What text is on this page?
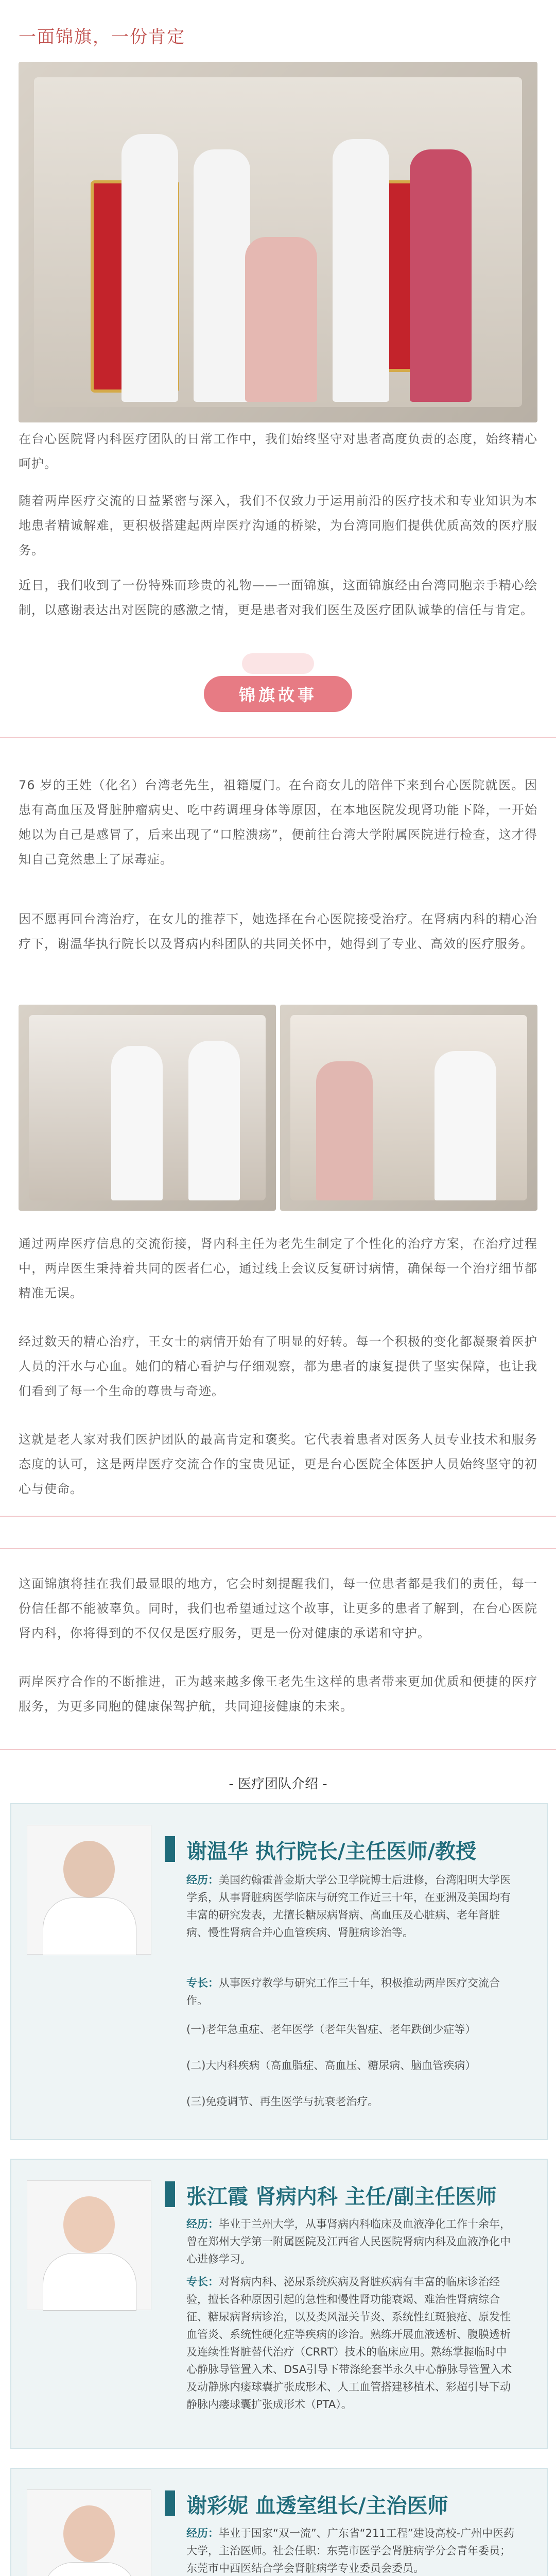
一面锦旗，一份肯定
在台心医院肾内科医疗团队的日常工作中，我们始终坚守对患者高度负责的态度，始终精心呵护。
随着两岸医疗交流的日益紧密与深入，我们不仅致力于运用前沿的医疗技术和专业知识为本地患者精诚解难，更积极搭建起两岸医疗沟通的桥梁，为台湾同胞们提供优质高效的医疗服务。
近日，我们收到了一份特殊而珍贵的礼物——一面锦旗，这面锦旗经由台湾同胞亲手精心绘制，以感谢表达出对医院的感激之情，更是患者对我们医生及医疗团队诚挚的信任与肯定。
锦旗故事
76 岁的王姓（化名）台湾老先生，祖籍厦门。在台商女儿的陪伴下来到台心医院就医。因患有高血压及肾脏肿瘤病史、吃中药调理身体等原因，在本地医院发现肾功能下降，一开始她以为自己是感冒了，后来出现了“口腔溃疡”，便前往台湾大学附属医院进行检查，这才得知自己竟然患上了尿毒症。
因不愿再回台湾治疗，在女儿的推荐下，她选择在台心医院接受治疗。在肾病内科的精心治疗下，谢温华执行院长以及肾病内科团队的共同关怀中，她得到了专业、高效的医疗服务。
通过两岸医疗信息的交流衔接，肾内科主任为老先生制定了个性化的治疗方案，在治疗过程中，两岸医生秉持着共同的医者仁心，通过线上会议反复研讨病情，确保每一个治疗细节都精准无误。
经过数天的精心治疗，王女士的病情开始有了明显的好转。每一个积极的变化都凝聚着医护人员的汗水与心血。她们的精心看护与仔细观察，都为患者的康复提供了坚实保障，也让我们看到了每一个生命的尊贵与奇迹。
这就是老人家对我们医护团队的最高肯定和褒奖。它代表着患者对医务人员专业技术和服务态度的认可，这是两岸医疗交流合作的宝贵见证，更是台心医院全体医护人员始终坚守的初心与使命。
这面锦旗将挂在我们最显眼的地方，它会时刻提醒我们，每一位患者都是我们的责任，每一份信任都不能被辜负。同时，我们也希望通过这个故事，让更多的患者了解到，在台心医院肾内科，你将得到的不仅仅是医疗服务，更是一份对健康的承诺和守护。
两岸医疗合作的不断推进，正为越来越多像王老先生这样的患者带来更加优质和便捷的医疗服务，为更多同胞的健康保驾护航，共同迎接健康的未来。
- 医疗团队介绍 -
谢温华 执行院长/主任医师/教授
经历：美国约翰霍普金斯大学公卫学院博士后进修，台湾阳明大学医学系，从事肾脏病医学临床与研究工作近三十年，在亚洲及美国均有丰富的研究发表，尤擅长糖尿病肾病、高血压及心脏病、老年肾脏病、慢性肾病合并心血管疾病、肾脏病诊治等。
专长：从事医疗教学与研究工作三十年，积极推动两岸医疗交流合作。
(一)老年急重症、老年医学（老年失智症、老年跌倒少症等）
(二)大内科疾病（高血脂症、高血压、糖尿病、脑血管疾病）
(三)免疫调节、再生医学与抗衰老治疗。
张江霞 肾病内科 主任/副主任医师
经历：毕业于兰州大学，从事肾病内科临床及血液净化工作十余年，曾在郑州大学第一附属医院及江西省人民医院肾病内科及血液净化中心进修学习。
专长：对肾病内科、泌尿系统疾病及肾脏疾病有丰富的临床诊治经验，擅长各种原因引起的急性和慢性肾功能衰竭、难治性肾病综合征、糖尿病肾病诊治，以及类风湿关节炎、系统性红斑狼疮、原发性血管炎、系统性硬化症等疾病的诊治。熟练开展血液透析、腹膜透析及连续性肾脏替代治疗（CRRT）技术的临床应用。熟练掌握临时中心静脉导管置入术、DSA引导下带涤纶套半永久中心静脉导管置入术及动静脉内瘘球囊扩张成形术、人工血管搭建移植术、彩超引导下动静脉内瘘球囊扩张成形术（PTA）。
谢彩妮 血透室组长/主治医师
经历：毕业于国家“双一流”、广东省“211工程”建设高校-广州中医药大学，主治医师。社会任职：东莞市医学会肾脏病学分会青年委员；东莞市中西医结合学会肾脏病学专业委员会委员。
